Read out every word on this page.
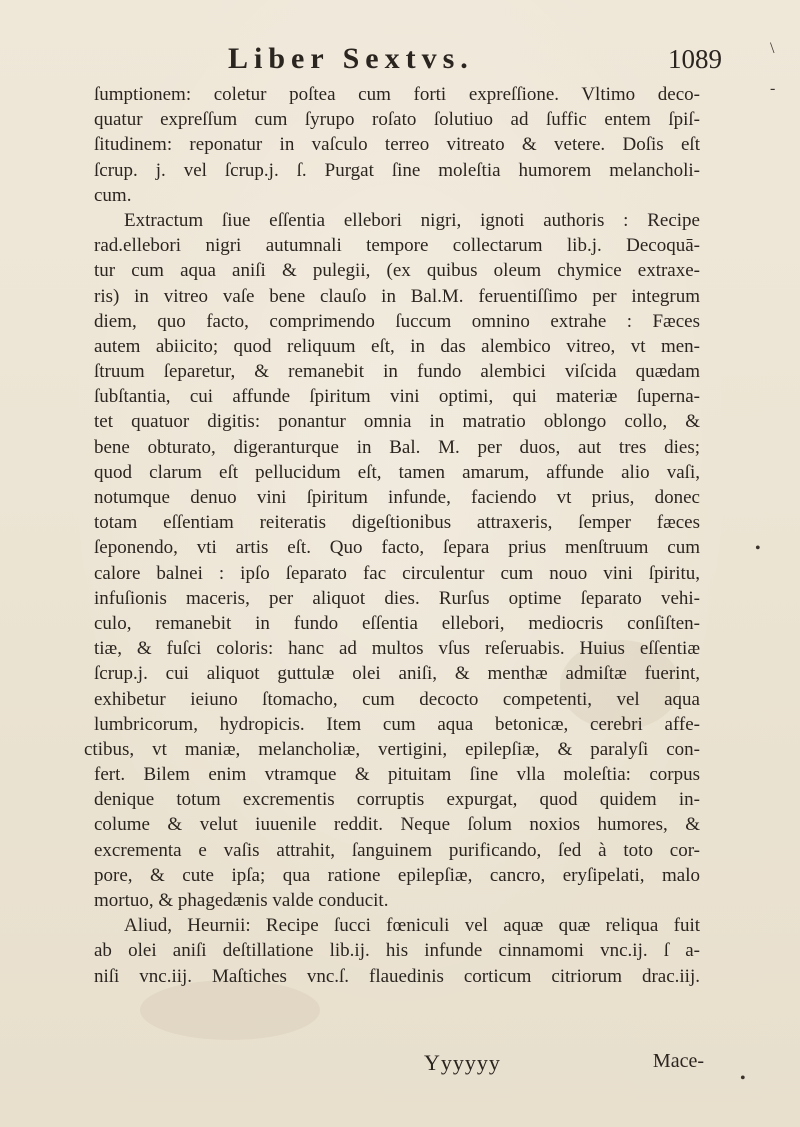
\
-
•
•
Liber Sextvs.	1089
ſumptionem: coletur poſtea cum forti expreſſione. Vltimo deco-
quatur expreſſum cum ſyrupo roſato ſolutiuo ad ſuffic entem ſpiſ-
ſitudinem: reponatur in vaſculo terreo vitreato & vetere. Doſis eſt
ſcrup. j. vel ſcrup.j. ſ. Purgat ſine moleſtia humorem melancholi-
cum.
Extractum ſiue eſſentia ellebori nigri, ignoti authoris : Recipe
rad.ellebori nigri autumnali tempore collectarum lib.j. Decoquā-
tur cum aqua aniſi & pulegii, (ex quibus oleum chymice extraxe-
ris) in vitreo vaſe bene clauſo in Bal.M. feruentiſſimo per integrum
diem, quo facto, comprimendo ſuccum omnino extrahe : Fæces
autem abiicito; quod reliquum eſt, in das alembico vitreo, vt men-
ſtruum ſeparetur, & remanebit in fundo alembici viſcida quædam
ſubſtantia, cui affunde ſpiritum vini optimi, qui materiæ ſuperna-
tet quatuor digitis: ponantur omnia in matratio oblongo collo, &
bene obturato, digeranturque in Bal. M. per duos, aut tres dies;
quod clarum eſt pellucidum eſt, tamen amarum, affunde alio vaſi,
notumque denuo vini ſpiritum infunde, faciendo vt prius, donec
totam eſſentiam reiteratis digeſtionibus attraxeris, ſemper fæces
ſeponendo, vti artis eſt. Quo facto, ſepara prius menſtruum cum
calore balnei : ipſo ſeparato fac circulentur cum nouo vini ſpiritu,
infuſionis maceris, per aliquot dies. Rurſus optime ſeparato vehi-
culo, remanebit in fundo eſſentia ellebori, mediocris conſiſten-
tiæ, & fuſci coloris: hanc ad multos vſus reſeruabis. Huius eſſentiæ
ſcrup.j. cui aliquot guttulæ olei aniſi, & menthæ admiſtæ fuerint,
exhibetur ieiuno ſtomacho, cum decocto competenti, vel aqua
lumbricorum, hydropicis. Item cum aqua betonicæ, cerebri affe-
ctibus, vt maniæ, melancholiæ, vertigini, epilepſiæ, & paralyſi con-
fert. Bilem enim vtramque & pituitam ſine vlla moleſtia: corpus
denique totum excrementis corruptis expurgat, quod quidem in-
colume & velut iuuenile reddit. Neque ſolum noxios humores, &
excrementa e vaſis attrahit, ſanguinem purificando, ſed à toto cor-
pore, & cute ipſa; qua ratione epilepſiæ, cancro, eryſipelati, malo
mortuo, & phagedænis valde conducit.
Aliud, Heurnii: Recipe ſucci fœniculi vel aquæ quæ reliqua fuit
ab olei aniſi deſtillatione lib.ij. his infunde cinnamomi vnc.ij. ſ a-
niſi vnc.iij. Maſtiches vnc.ſ. flauedinis corticum citriorum drac.iij.
Yyyyyy	Mace-
